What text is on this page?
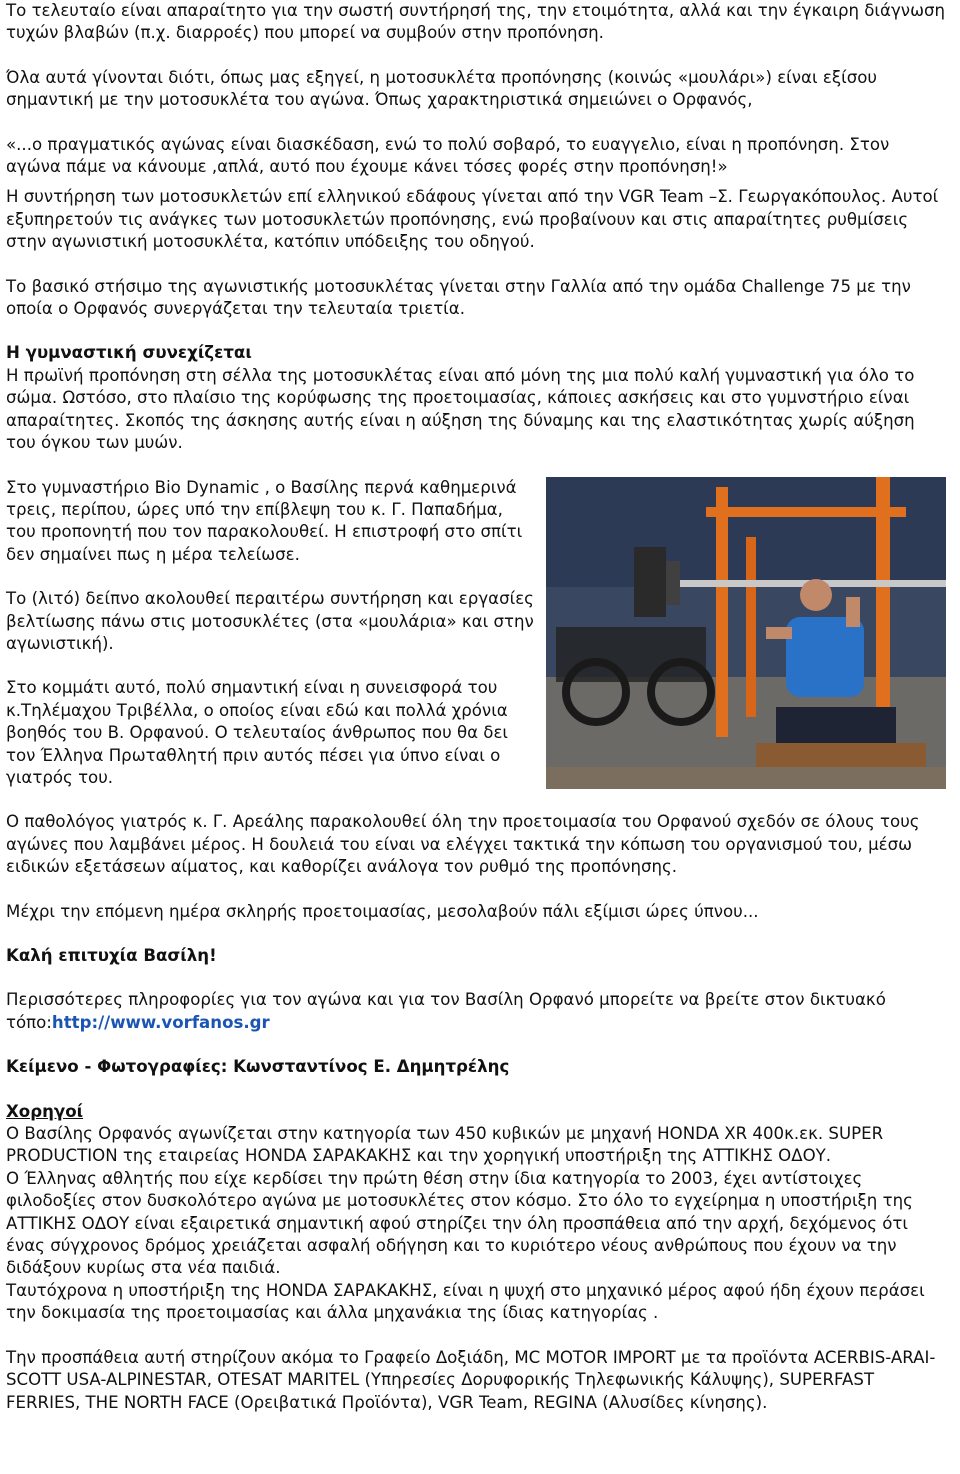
Το τελευταίο είναι απαραίτητο για την σωστή συντήρησή της, την ετοιμότητα, αλλά και την έγκαιρη διάγνωση τυχών βλαβών (π.χ. διαρροές) που μπορεί να συμβούν στην προπόνηση.

Όλα αυτά γίνονται διότι, όπως μας εξηγεί, η μοτοσυκλέτα προπόνησης (κοινώς «μουλάρι») είναι εξίσου σημαντική με την μοτοσυκλέτα του αγώνα. Όπως χαρακτηριστικά σημειώνει ο Ορφανός,

«...ο πραγματικός αγώνας είναι διασκέδαση, ενώ το πολύ σοβαρό, το ευαγγελιο, είναι η προπόνηση. Στον αγώνα πάμε να κάνουμε ,απλά, αυτό που έχουμε κάνει τόσες φορές στην προπόνηση!»

Η συντήρηση των μοτοσυκλετών επί ελληνικού εδάφους γίνεται από την VGR Team –Σ. Γεωργακόπουλος. Αυτοί εξυπηρετούν τις ανάγκες των μοτοσυκλετών προπόνησης, ενώ προβαίνουν και στις απαραίτητες ρυθμίσεις στην αγωνιστική μοτοσυκλέτα, κατόπιν υπόδειξης του οδηγού.

Το βασικό στήσιμο της αγωνιστικής μοτοσυκλέτας γίνεται στην Γαλλία από την ομάδα Challenge 75 με την οποία ο Ορφανός συνεργάζεται την τελευταία τριετία.

Η γυμναστική συνεχίζεται

Η πρωϊνή προπόνηση στη σέλλα της μοτοσυκλέτας είναι από μόνη της μια πολύ καλή γυμναστική για όλο το σώμα. Ωστόσο, στο πλαίσιο της κορύφωσης της προετοιμασίας, κάποιες ασκήσεις και στο γυμνστήριο είναι απαραίτητες. Σκοπός της άσκησης αυτής είναι η αύξηση της δύναμης και της ελαστικότητας χωρίς αύξηση του όγκου των μυών.

Στο γυμναστήριο Bio Dynamic , ο Βασίλης περνά καθημερινά τρεις, περίπου, ώρες υπό την επίβλεψη του κ. Γ. Παπαδήμα, του προπονητή που τον παρακολουθεί. Η επιστροφή στο σπίτι δεν σημαίνει πως η μέρα τελείωσε.

Το (λιτό) δείπνο ακολουθεί περαιτέρω συντήρηση και εργασίες βελτίωσης πάνω στις μοτοσυκλέτες (στα «μουλάρια» και στην αγωνιστική).

Στο κομμάτι αυτό, πολύ σημαντική είναι η συνεισφορά του κ.Τηλέμαχου Τριβέλλα, ο οποίος είναι εδώ και πολλά χρόνια βοηθός του Β. Ορφανού. Ο τελευταίος άνθρωπος που θα δει τον Έλληνα Πρωταθλητή πριν αυτός πέσει για ύπνο είναι ο γιατρός του.

Ο παθολόγος γιατρός κ. Γ. Αρεάλης παρακολουθεί όλη την προετοιμασία του Ορφανού σχεδόν σε όλους τους αγώνες που λαμβάνει μέρος. Η δουλειά του είναι να ελέγχει τακτικά την κόπωση του οργανισμού του, μέσω ειδικών εξετάσεων αίματος, και καθορίζει ανάλογα τον ρυθμό της προπόνησης.

Μέχρι την επόμενη ημέρα σκληρής προετοιμασίας, μεσολαβούν πάλι εξίμισι ώρες ύπνου...

Καλή επιτυχία Βασίλη!

Περισσότερες πληροφορίες για τον αγώνα και για τον Βασίλη Ορφανό μπορείτε να βρείτε στον δικτυακό τόπο:http://www.vorfanos.gr

Κείμενο - Φωτογραφίες: Κωνσταντίνος Ε. Δημητρέλης

Χορηγοί

Ο Βασίλης Ορφανός αγωνίζεται στην κατηγορία των 450 κυβικών με μηχανή HONDA XR 400κ.εκ. SUPER PRODUCTION της εταιρείας HONDA ΣΑΡΑΚΑΚΗΣ και την χορηγική υποστήριξη της ΑΤΤΙΚΗΣ ΟΔΟΥ.

Ο Έλληνας αθλητής που είχε κερδίσει την πρώτη θέση στην ίδια κατηγορία το 2003, έχει αντίστοιχες φιλοδοξίες στον δυσκολότερο αγώνα με μοτοσυκλέτες στον κόσμο. Στο όλο το εγχείρημα η υποστήριξη της ΑΤΤΙΚΗΣ ΟΔΟΥ είναι εξαιρετικά σημαντική αφού στηρίζει την όλη προσπάθεια από την αρχή, δεχόμενος ότι ένας σύγχρονος δρόμος χρειάζεται ασφαλή οδήγηση και το κυριότερο νέους ανθρώπους που έχουν να την διδάξουν κυρίως στα νέα παιδιά.

Ταυτόχρονα η υποστήριξη της HONDA ΣΑΡΑΚΑΚΗΣ, είναι η ψυχή στο μηχανικό μέρος αφού ήδη έχουν περάσει την δοκιμασία της προετοιμασίας και άλλα μηχανάκια της ίδιας κατηγορίας .

Την προσπάθεια αυτή στηρίζουν ακόμα το Γραφείο Δοξιάδη, MC MOTOR IMPORT με τα προϊόντα ACERBIS-ARAI-SCOTT USA-ALPINESTAR, OTESAT MARITEL (Υπηρεσίες Δορυφορικής Τηλεφωνικής Κάλυψης), SUPERFAST FERRIES, THE NORTH FACE (Ορειβατικά Προϊόντα), VGR Team, REGINA (Αλυσίδες κίνησης).
